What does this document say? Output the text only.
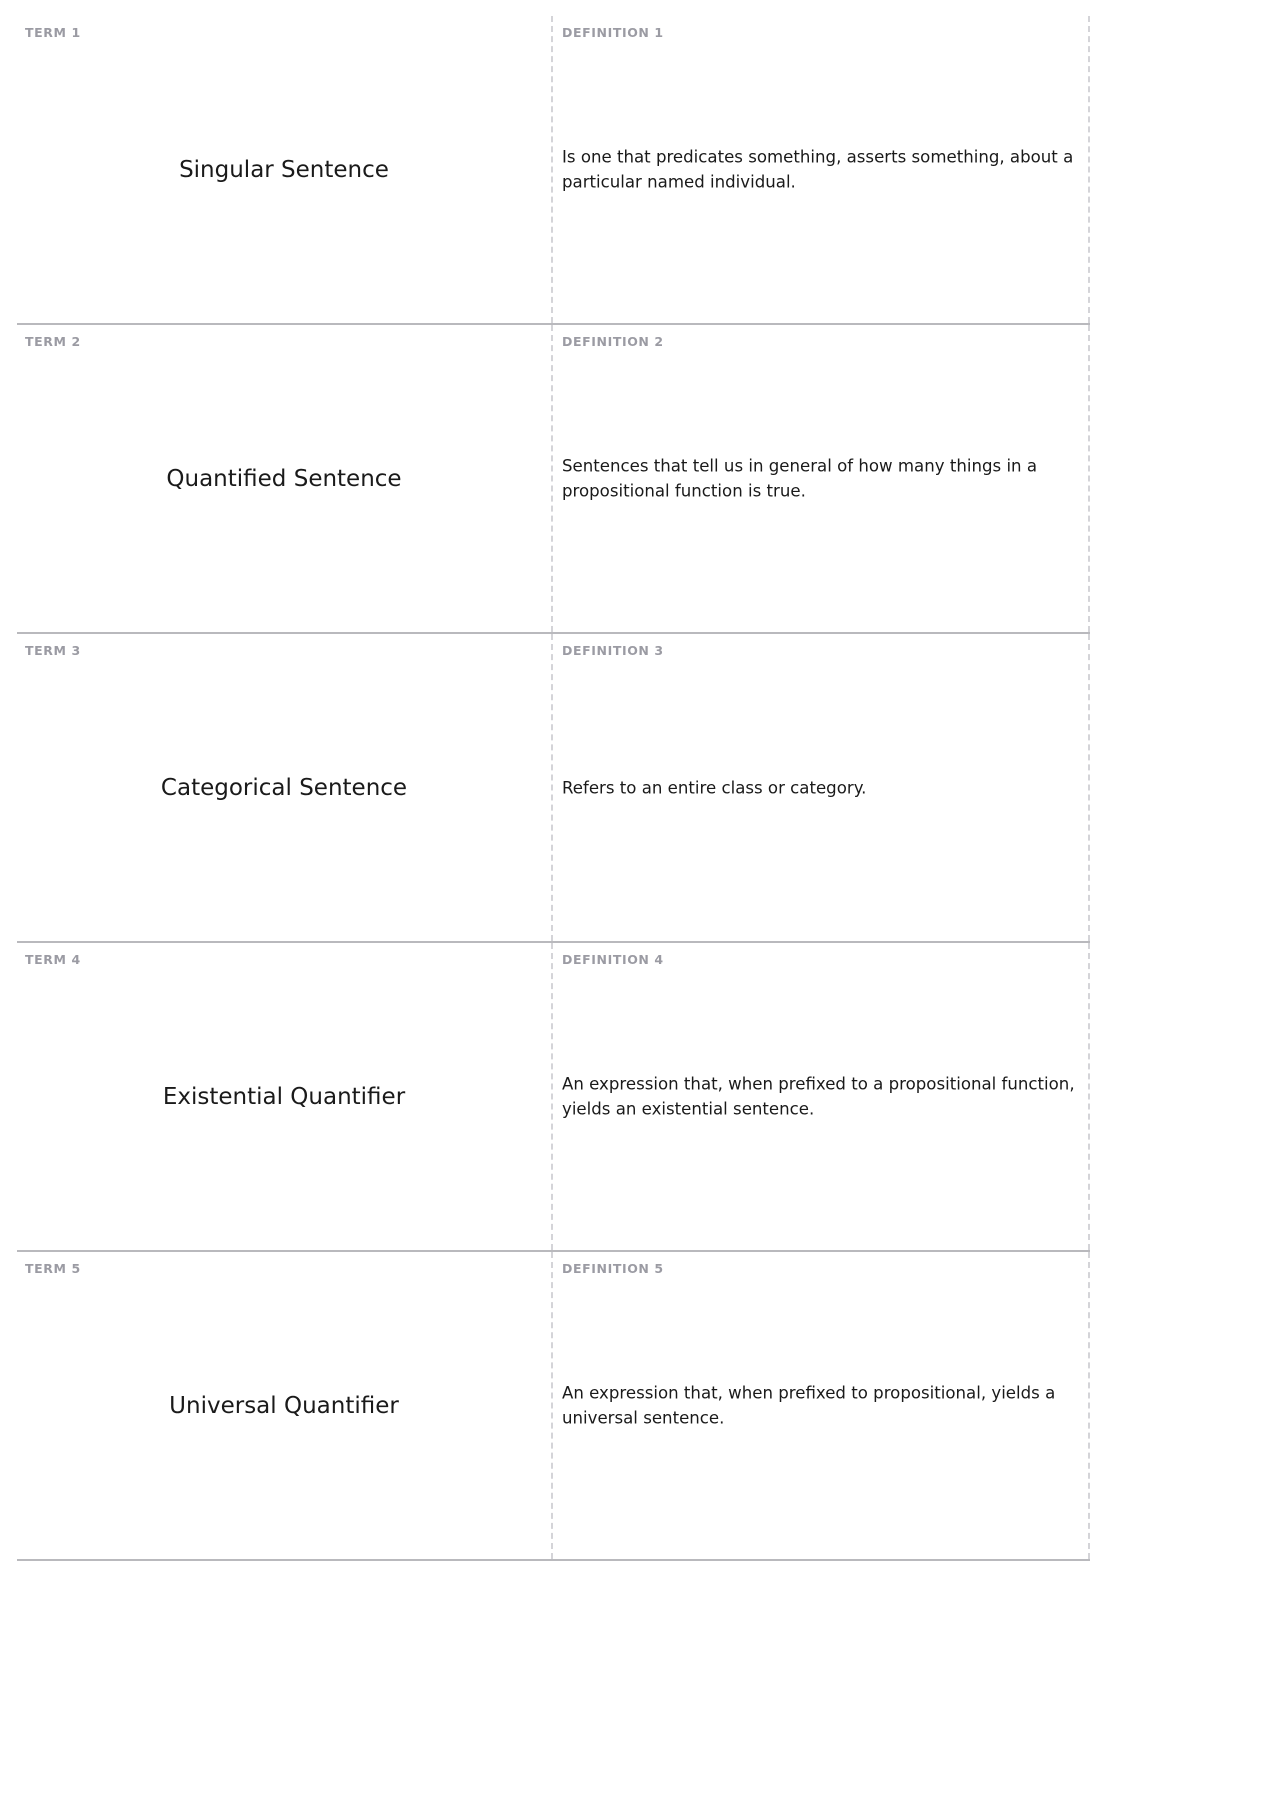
TERM 1
Singular Sentence
DEFINITION 1
Is one that predicates something, asserts something, about a particular named individual.
TERM 2
Quantified Sentence
DEFINITION 2
Sentences that tell us in general of how many things in a propositional function is true.
TERM 3
Categorical Sentence
DEFINITION 3
Refers to an entire class or category.
TERM 4
Existential Quantifier
DEFINITION 4
An expression that, when prefixed to a propositional function, yields an existential sentence.
TERM 5
Universal Quantifier
DEFINITION 5
An expression that, when prefixed to propositional, yields a universal sentence.
